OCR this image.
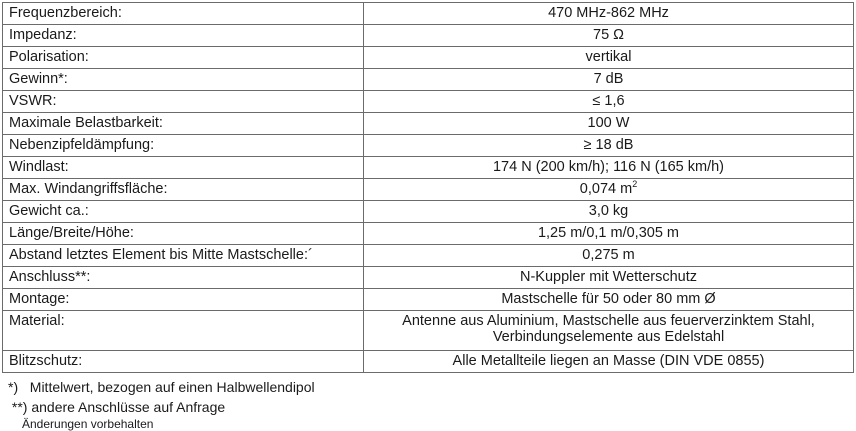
Frequenzbereich:	470 MHz-862 MHz
Impedanz:	75 Ω
Polarisation:	vertikal
Gewinn*:	7 dB
VSWR:	≤ 1,6
Maximale Belastbarkeit:	100 W
Nebenzipfeldämpfung:	≥ 18 dB
Windlast:	174 N (200 km/h); 116 N (165 km/h)
Max. Windangriffsfläche:	0,074 $m^2$
Gewicht ca.:	3,0 kg
Länge/Breite/Höhe:	1,25 m/0,1 m/0,305 m
Abstand letztes Element bis Mitte Mastschelle:´	0,275 m
Anschluss**:	N-Kuppler mit Wetterschutz
Montage:	Mastschelle für 50 oder 80 mm Ø
Material:	Antenne aus Aluminium, Mastschelle aus feuerverzinktem Stahl,
Verbindungselemente aus Edelstahl

Blitzschutz:	Alle Metallteile liegen an Masse (DIN VDE 0855)
*)   Mittelwert, bezogen auf einen Halbwellendipol
**) andere Anschlüsse auf Anfrage
Änderungen vorbehalten
